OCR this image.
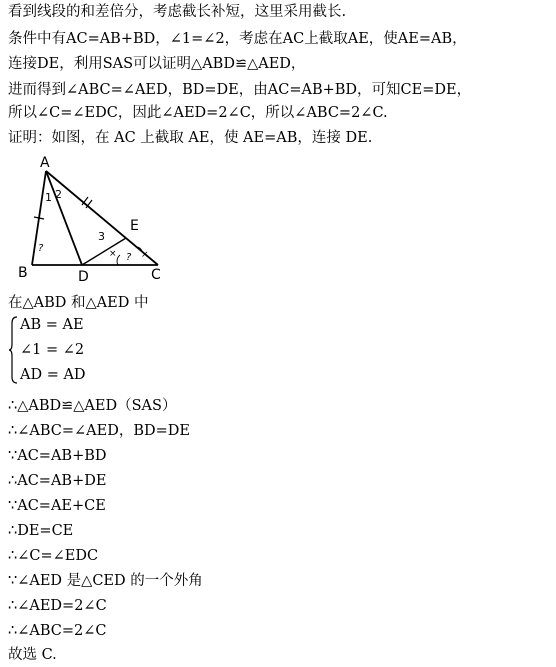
看到线段的和差倍分，考虑截长补短，这里采用截长.
条件中有AC=AB+BD，∠1=∠2，考虑在AC上截取AE，使AE=AB，
连接DE，利用SAS可以证明△ABD≌△AED，
进而得到∠ABC=∠AED，BD=DE，由AC=AB+BD，可知CE=DE，
所以∠C=∠EDC，因此∠AED=2∠C，所以∠ABC=2∠C.
证明：如图，在 AC 上截取 AE，使 AE=AB，连接 DE.
×	×
A
B	D	C
E
1 2
3
?
?
在△ABD 和△AED 中
AB = AE
∠1 = ∠2
AD = AD
∴△ABD≌△AED（SAS）
∴∠ABC=∠AED，BD=DE
∵AC=AB+BD
∴AC=AB+DE
∵AC=AE+CE
∴DE=CE
∴∠C=∠EDC
∵∠AED 是△CED 的一个外角
∴∠AED=2∠C
∴∠ABC=2∠C
故选 C.
